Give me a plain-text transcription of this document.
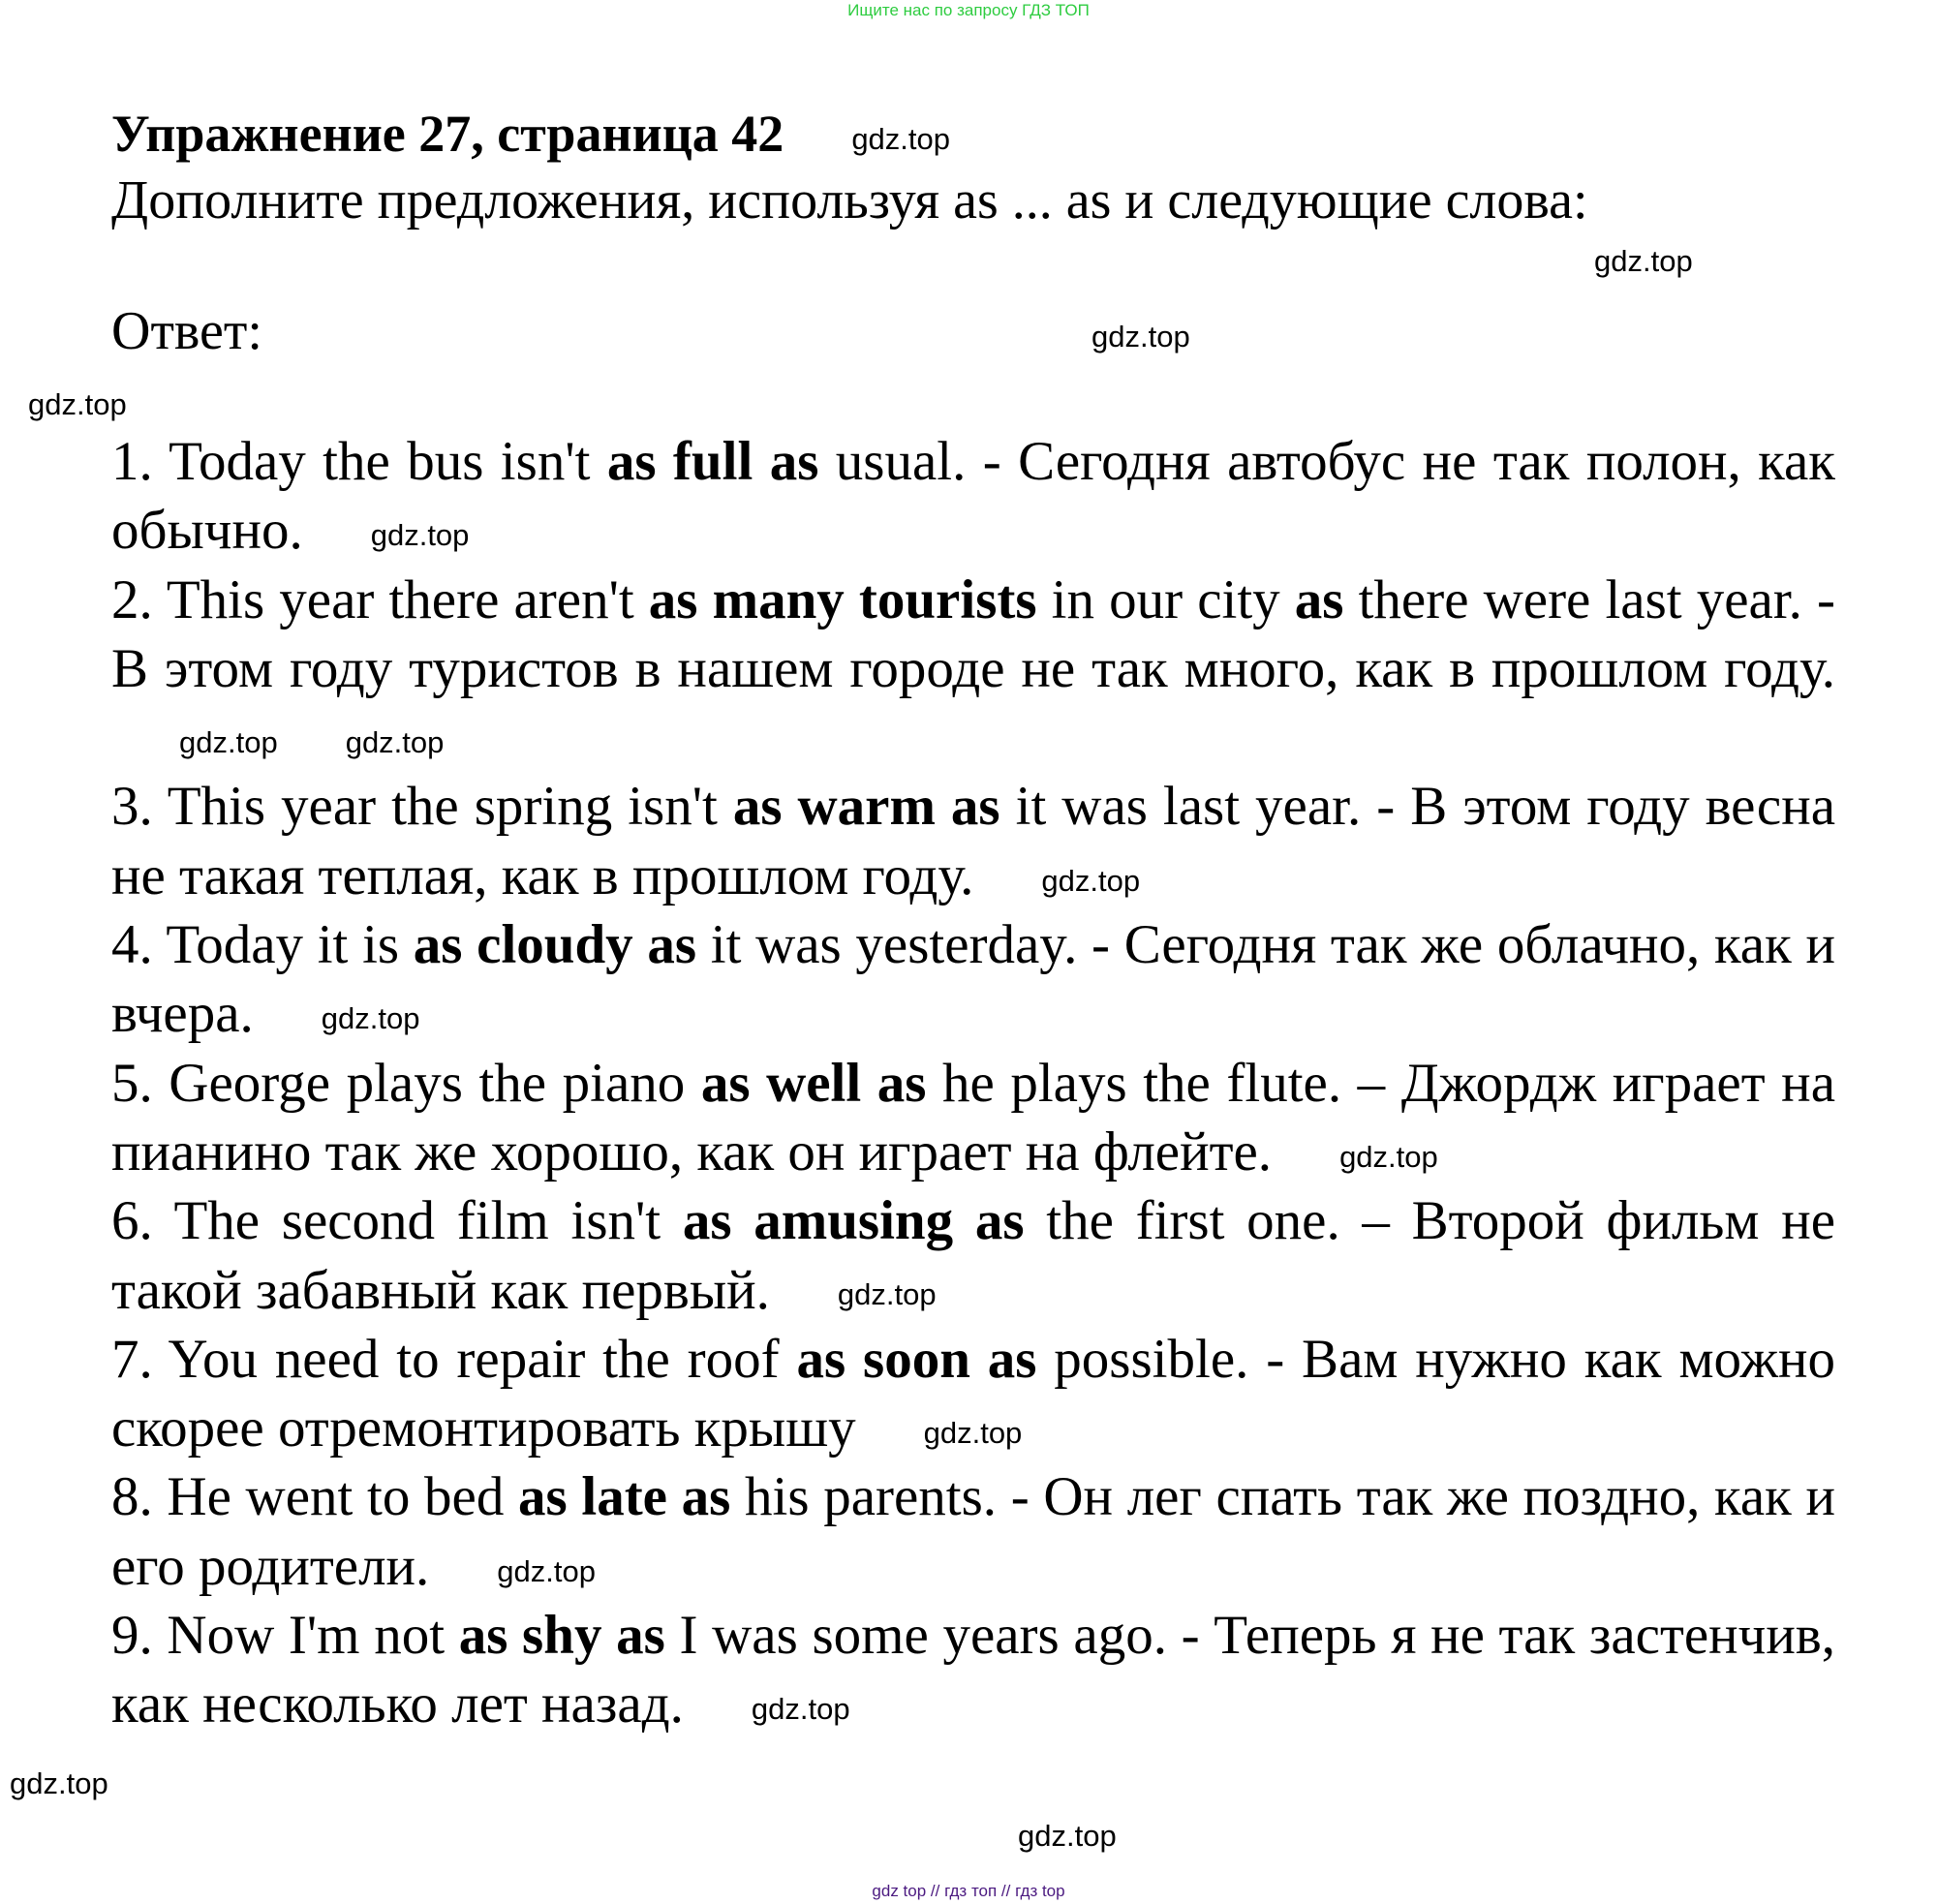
Ищите нас по запросу ГДЗ ТОП
Упражнение 27, страница 42 gdz.top
Дополните предложения, используя as ... as и следующие слова:
Ответ:
gdz.top
gdz.top
gdz.top

1. Today the bus isn't as full as usual. - Сегодня автобус не так полон, как обычно. gdz.top

2. This year there aren't as many tourists in our city as there were last year. - В этом году туристов в нашем городе не так много, как в прошлом году.gdz.top gdz.top

3. This year the spring isn't as warm as it was last year. - В этом году весна не такая теплая, как в прошлом году. gdz.top

4. Today it is as cloudy as it was yesterday. - Сегодня так же облачно, как и вчера. gdz.top

5. George plays the piano as well as he plays the flute. – Джордж играет на пианино так же хорошо, как он играет на флейте. gdz.top

6. The second film isn't as amusing as the first one. – Второй фильм не такой забавный как первый. gdz.top

7. You need to repair the roof as soon as possible. - Вам нужно как можно скорее отремонтировать крышу gdz.top

8. He went to bed as late as his parents. - Он лег спать так же поздно, как и его родители. gdz.top

9. Now I'm not as shy as I was some years ago. - Теперь я не так застенчив, как несколько лет назад. gdz.top

gdz.top
gdz.top
gdz top // гдз топ // гдз top
